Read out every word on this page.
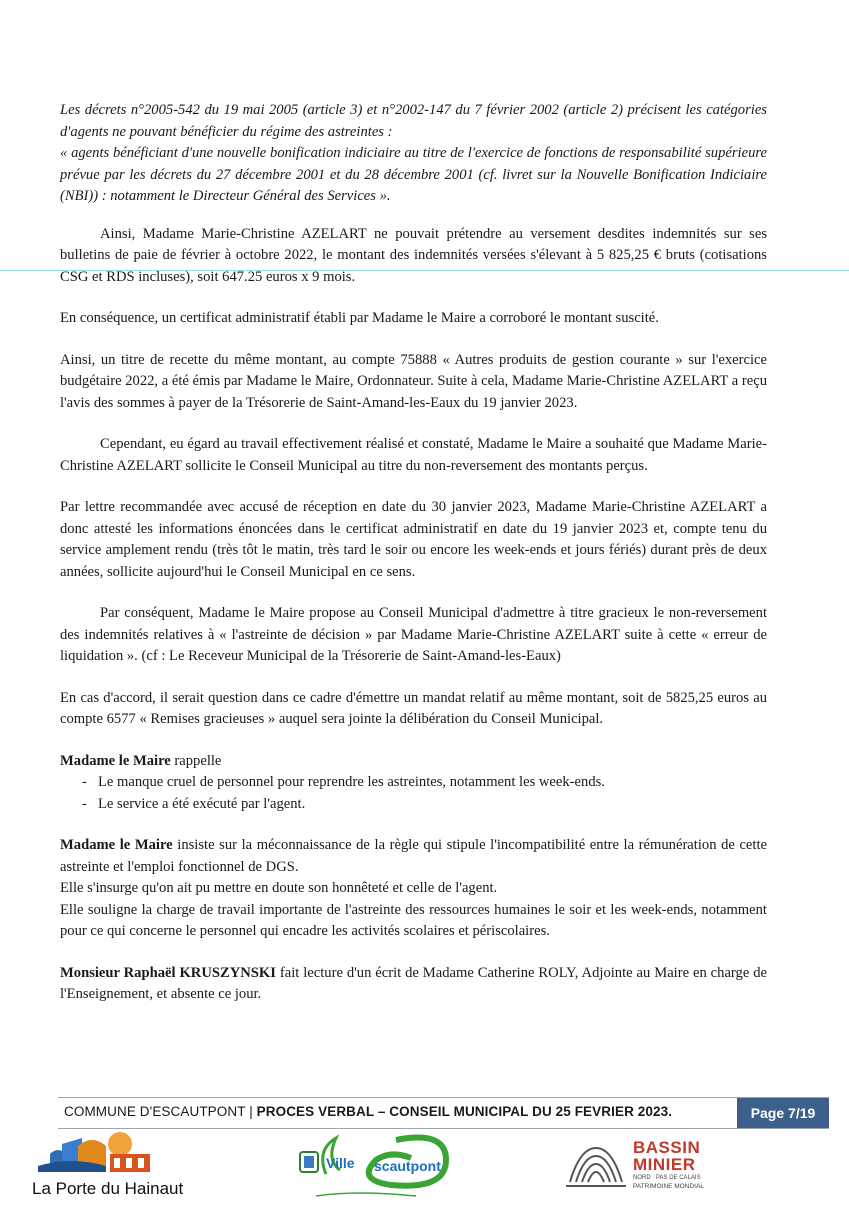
Les décrets n°2005-542 du 19 mai 2005 (article 3) et n°2002-147 du 7 février 2002 (article 2) précisent les catégories d'agents ne pouvant bénéficier du régime des astreintes :

« agents bénéficiant d'une nouvelle bonification indiciaire au titre de l'exercice de fonctions de responsabilité supérieure prévue par les décrets du 27 décembre 2001 et du 28 décembre 2001 (cf. livret sur la Nouvelle Bonification Indiciaire (NBI)) : notamment le Directeur Général des Services ».

Ainsi, Madame Marie-Christine AZELART ne pouvait prétendre au versement desdites indemnités sur ses bulletins de paie de février à octobre 2022, le montant des indemnités versées s'élevant à 5 825,25 € bruts (cotisations CSG et RDS incluses), soit 647.25 euros x 9 mois.

En conséquence, un certificat administratif établi par Madame le Maire a corroboré le montant suscité.

Ainsi, un titre de recette du même montant, au compte 75888 « Autres produits de gestion courante » sur l'exercice budgétaire 2022, a été émis par Madame le Maire, Ordonnateur. Suite à cela, Madame Marie-Christine AZELART a reçu l'avis des sommes à payer de la Trésorerie de Saint-Amand-les-Eaux du 19 janvier 2023.

Cependant, eu égard au travail effectivement réalisé et constaté, Madame le Maire a souhaité que Madame Marie-Christine AZELART sollicite le Conseil Municipal au titre du non-reversement des montants perçus.

Par lettre recommandée avec accusé de réception en date du 30 janvier 2023, Madame Marie-Christine AZELART a donc attesté les informations énoncées dans le certificat administratif en date du 19 janvier 2023 et, compte tenu du service amplement rendu (très tôt le matin, très tard le soir ou encore les week-ends et jours fériés) durant près de deux années, sollicite aujourd'hui le Conseil Municipal en ce sens.

Par conséquent, Madame le Maire propose au Conseil Municipal d'admettre à titre gracieux le non-reversement des indemnités relatives à « l'astreinte de décision » par Madame Marie-Christine AZELART suite à cette « erreur de liquidation ». (cf : Le Receveur Municipal de la Trésorerie de Saint-Amand-les-Eaux)

En cas d'accord, il serait question dans ce cadre d'émettre un mandat relatif au même montant, soit de 5825,25 euros au compte 6577 « Remises gracieuses » auquel sera jointe la délibération du Conseil Municipal.

Madame le Maire rappelle

- Le manque cruel de personnel pour reprendre les astreintes, notamment les week-ends.
- Le service a été exécuté par l'agent.

Madame le Maire insiste sur la méconnaissance de la règle qui stipule l'incompatibilité entre la rémunération de cette astreinte et l'emploi fonctionnel de DGS.

Elle s'insurge qu'on ait pu mettre en doute son honnêteté et celle de l'agent.

Elle souligne la charge de travail importante de l'astreinte des ressources humaines le soir et les week-ends, notamment pour ce qui concerne le personnel qui encadre les activités scolaires et périscolaires.

Monsieur Raphaël KRUSZYNSKI fait lecture d'un écrit de Madame Catherine ROLY, Adjointe au Maire en charge de l'Enseignement, et absente ce jour.

COMMUNE D'ESCAUTPONT | PROCES VERBAL – CONSEIL MUNICIPAL DU 25 FEVRIER 2023.	Page 7/19
La Porte du Hainaut
Ville scautpont
BASSIN
MINIER
NORD · PAS DE CALAIS
PATRIMOINE MONDIAL
